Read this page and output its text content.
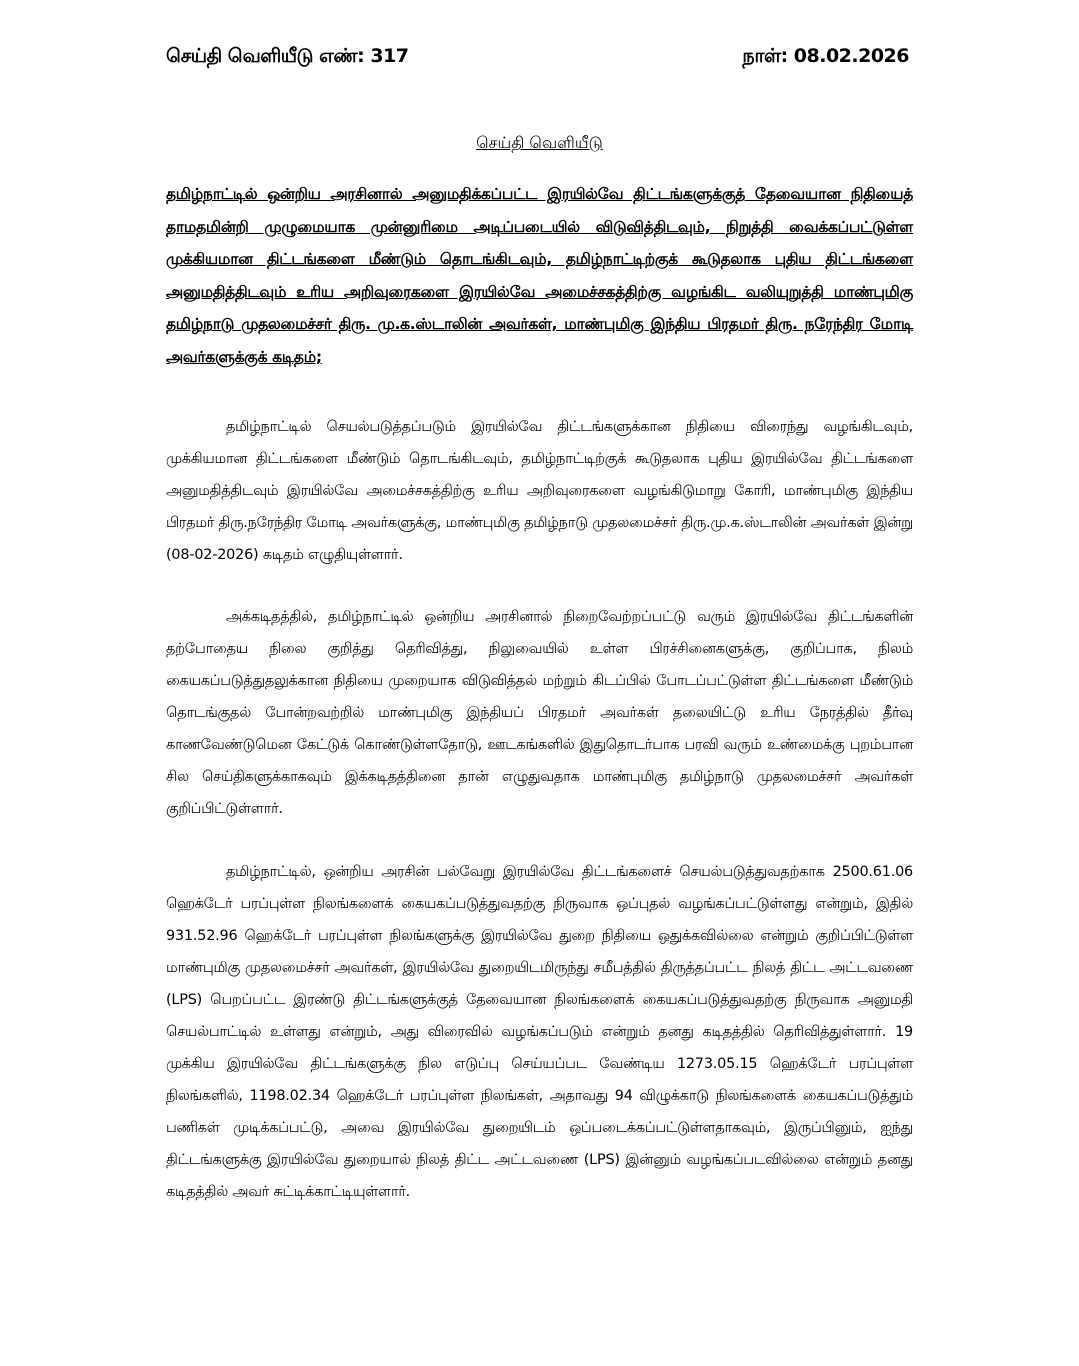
செய்தி வெளியீடு எண்: 317	நாள்: 08.02.2026
செய்தி வெளியீடு
தமிழ்நாட்டில் ஒன்றிய அரசினால் அனுமதிக்கப்பட்ட இரயில்வே திட்டங்களுக்குத் தேவையான நிதியைத் தாமதமின்றி முழுமையாக முன்னுரிமை அடிப்படையில் விடுவித்திடவும், நிறுத்தி வைக்கப்பட்டுள்ள முக்கியமான திட்டங்களை மீண்டும் தொடங்கிடவும், தமிழ்நாட்டிற்குக் கூடுதலாக புதிய திட்டங்களை அனுமதித்திடவும் உரிய அறிவுரைகளை இரயில்வே அமைச்சகத்திற்கு வழங்கிட வலியுறுத்தி மாண்புமிகு தமிழ்நாடு முதலமைச்சர் திரு. மு.க.ஸ்டாலின் அவர்கள், மாண்புமிகு இந்திய பிரதமர் திரு. நரேந்திர மோடி அவர்களுக்குக் கடிதம்;
தமிழ்நாட்டில் செயல்படுத்தப்படும் இரயில்வே திட்டங்களுக்கான நிதியை விரைந்து வழங்கிடவும், முக்கியமான திட்டங்களை மீண்டும் தொடங்கிடவும், தமிழ்நாட்டிற்குக் கூடுதலாக புதிய இரயில்வே திட்டங்களை அனுமதித்திடவும் இரயில்வே அமைச்சகத்திற்கு உரிய அறிவுரைகளை வழங்கிடுமாறு கோரி, மாண்புமிகு இந்திய பிரதமர் திரு.நரேந்திர மோடி அவர்களுக்கு, மாண்புமிகு தமிழ்நாடு முதலமைச்சர் திரு.மு.க.ஸ்டாலின் அவர்கள் இன்று (08-02-2026) கடிதம் எழுதியுள்ளார்.
அக்கடிதத்தில், தமிழ்நாட்டில் ஒன்றிய அரசினால் நிறைவேற்றப்பட்டு வரும் இரயில்வே திட்டங்களின் தற்போதைய நிலை குறித்து தெரிவித்து, நிலுவையில் உள்ள பிரச்சினைகளுக்கு, குறிப்பாக, நிலம் கையகப்படுத்துதலுக்கான நிதியை முறையாக விடுவித்தல் மற்றும் கிடப்பில் போடப்பட்டுள்ள திட்டங்களை மீண்டும் தொடங்குதல் போன்றவற்றில் மாண்புமிகு இந்தியப் பிரதமர் அவர்கள் தலையிட்டு உரிய நேரத்தில் தீர்வு காணவேண்டுமென கேட்டுக் கொண்டுள்ளதோடு, ஊடகங்களில் இதுதொடர்பாக பரவி வரும் உண்மைக்கு புறம்பான சில செய்திகளுக்காகவும் இக்கடிதத்தினை தான் எழுதுவதாக மாண்புமிகு தமிழ்நாடு முதலமைச்சர் அவர்கள் குறிப்பிட்டுள்ளார்.
தமிழ்நாட்டில், ஒன்றிய அரசின் பல்வேறு இரயில்வே திட்டங்களைச் செயல்படுத்துவதற்காக 2500.61.06 ஹெக்டேர் பரப்புள்ள நிலங்களைக் கையகப்படுத்துவதற்கு நிருவாக ஒப்புதல் வழங்கப்பட்டுள்ளது என்றும், இதில் 931.52.96 ஹெக்டேர் பரப்புள்ள நிலங்களுக்கு இரயில்வே துறை நிதியை ஒதுக்கவில்லை என்றும் குறிப்பிட்டுள்ள மாண்புமிகு முதலமைச்சர் அவர்கள், இரயில்வே துறையிடமிருந்து சமீபத்தில் திருத்தப்பட்ட நிலத் திட்ட அட்டவணை (LPS) பெறப்பட்ட இரண்டு திட்டங்களுக்குத் தேவையான நிலங்களைக் கையகப்படுத்துவதற்கு நிருவாக அனுமதி செயல்பாட்டில் உள்ளது என்றும், அது விரைவில் வழங்கப்படும் என்றும் தனது கடிதத்தில் தெரிவித்துள்ளார். 19 முக்கிய இரயில்வே திட்டங்களுக்கு நில எடுப்பு செய்யப்பட வேண்டிய 1273.05.15 ஹெக்டேர் பரப்புள்ள நிலங்களில், 1198.02.34 ஹெக்டேர் பரப்புள்ள நிலங்கள், அதாவது 94 விழுக்காடு நிலங்களைக் கையகப்படுத்தும் பணிகள் முடிக்கப்பட்டு, அவை இரயில்வே துறையிடம் ஒப்படைக்கப்பட்டுள்ளதாகவும், இருப்பினும், ஐந்து திட்டங்களுக்கு இரயில்வே துறையால் நிலத் திட்ட அட்டவணை (LPS) இன்னும் வழங்கப்படவில்லை என்றும் தனது கடிதத்தில் அவர் சுட்டிக்காட்டியுள்ளார்.
